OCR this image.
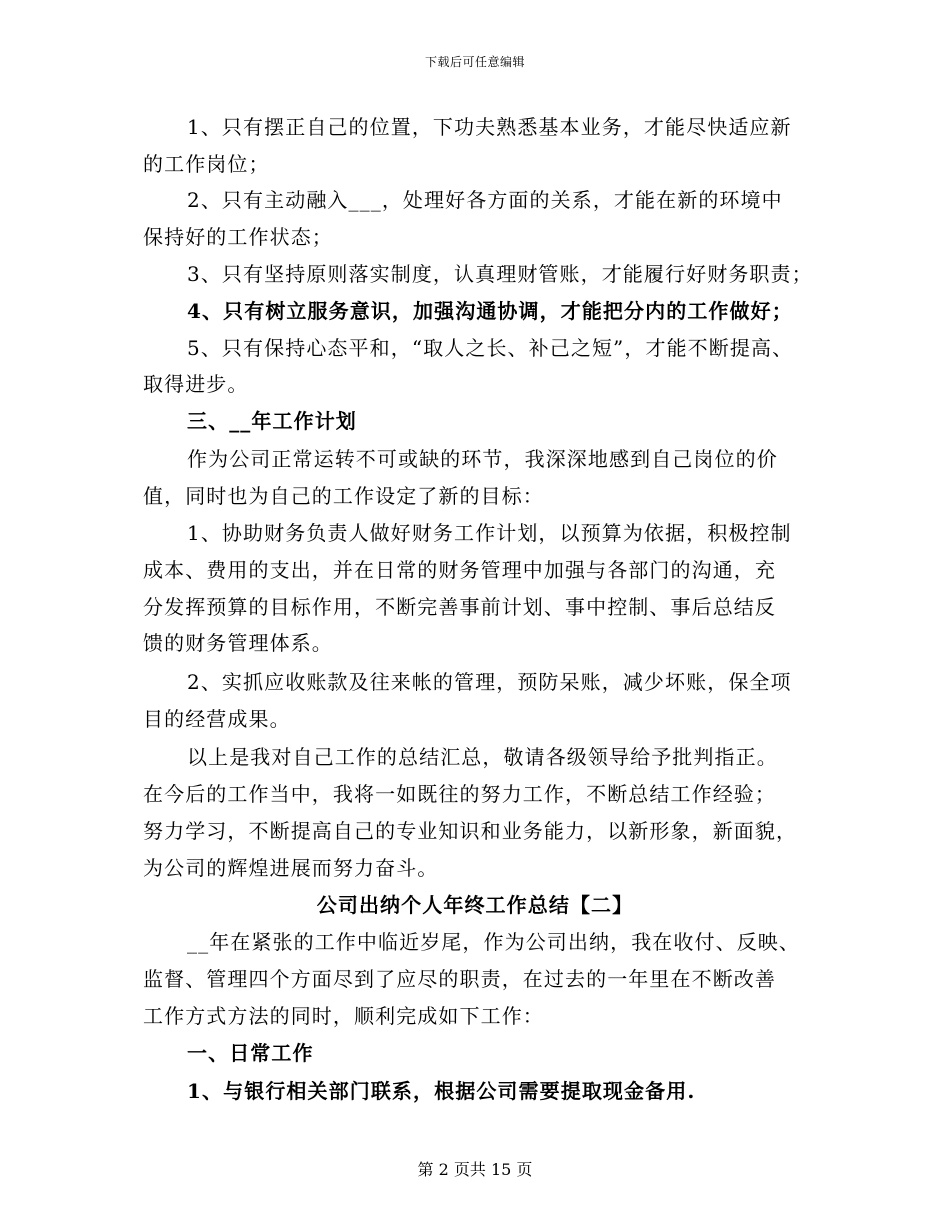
下载后可任意编辑
1、只有摆正自己的位置，下功夫熟悉基本业务，才能尽快适应新
的工作岗位；
2、只有主动融入___，处理好各方面的关系，才能在新的环境中
保持好的工作状态；
3、只有坚持原则落实制度，认真理财管账，才能履行好财务职责；
4、只有树立服务意识，加强沟通协调，才能把分内的工作做好；
5、只有保持心态平和，“取人之长、补己之短”，才能不断提高、
取得进步。
三、__年工作计划
作为公司正常运转不可或缺的环节，我深深地感到自己岗位的价
值，同时也为自己的工作设定了新的目标：
1、协助财务负责人做好财务工作计划，以预算为依据，积极控制
成本、费用的支出，并在日常的财务管理中加强与各部门的沟通，充
分发挥预算的目标作用，不断完善事前计划、事中控制、事后总结反
馈的财务管理体系。
2、实抓应收账款及往来帐的管理，预防呆账，减少坏账，保全项
目的经营成果。
以上是我对自己工作的总结汇总，敬请各级领导给予批判指正。
在今后的工作当中，我将一如既往的努力工作，不断总结工作经验；
努力学习，不断提高自己的专业知识和业务能力，以新形象，新面貌，
为公司的辉煌进展而努力奋斗。
公司出纳个人年终工作总结【二】
__年在紧张的工作中临近岁尾，作为公司出纳，我在收付、反映、
监督、管理四个方面尽到了应尽的职责，在过去的一年里在不断改善
工作方式方法的同时，顺利完成如下工作：
一、日常工作
1、与银行相关部门联系，根据公司需要提取现金备用.
第 2 页共 15 页
